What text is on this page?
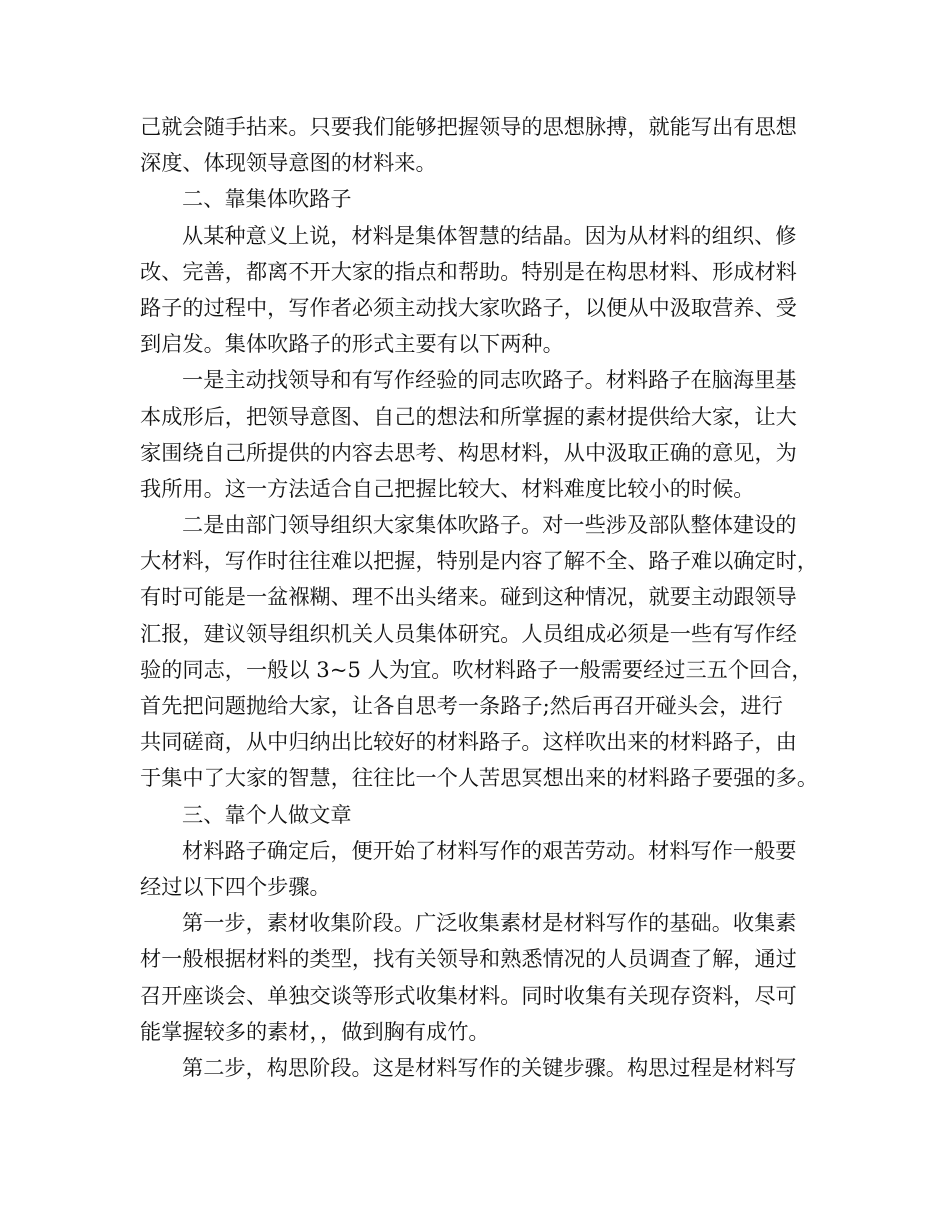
己就会随手拈来。只要我们能够把握领导的思想脉搏，就能写出有思想
深度、体现领导意图的材料来。
二、靠集体吹路子
从某种意义上说，材料是集体智慧的结晶。因为从材料的组织、修
改、完善，都离不开大家的指点和帮助。特别是在构思材料、形成材料
路子的过程中，写作者必须主动找大家吹路子，以便从中汲取营养、受
到启发。集体吹路子的形式主要有以下两种。
一是主动找领导和有写作经验的同志吹路子。材料路子在脑海里基
本成形后，把领导意图、自己的想法和所掌握的素材提供给大家，让大
家围绕自己所提供的内容去思考、构思材料，从中汲取正确的意见，为
我所用。这一方法适合自己把握比较大、材料难度比较小的时候。
二是由部门领导组织大家集体吹路子。对一些涉及部队整体建设的
大材料，写作时往往难以把握，特别是内容了解不全、路子难以确定时，
有时可能是一盆褓糊、理不出头绪来。碰到这种情况，就要主动跟领导
汇报，建议领导组织机关人员集体研究。人员组成必须是一些有写作经
验的同志，一般以 3~5 人为宜。吹材料路子一般需要经过三五个回合，
首先把问题抛给大家，让各自思考一条路子;然后再召开碰头会，进行
共同磋商，从中归纳出比较好的材料路子。这样吹出来的材料路子，由
于集中了大家的智慧，往往比一个人苦思冥想出来的材料路子要强的多。
三、靠个人做文章
材料路子确定后，便开始了材料写作的艰苦劳动。材料写作一般要
经过以下四个步骤。
第一步，素材收集阶段。广泛收集素材是材料写作的基础。收集素
材一般根据材料的类型，找有关领导和熟悉情况的人员调查了解，通过
召开座谈会、单独交谈等形式收集材料。同时收集有关现存资料，尽可
能掌握较多的素材，，做到胸有成竹。
第二步，构思阶段。这是材料写作的关键步骤。构思过程是材料写
